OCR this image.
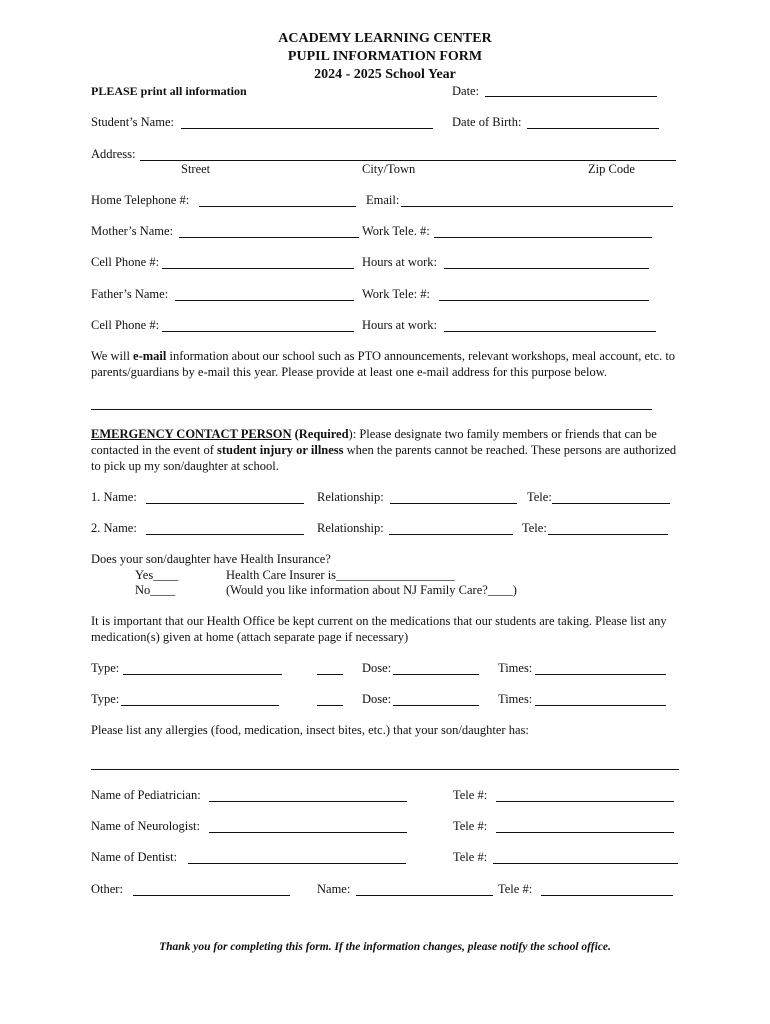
ACADEMY LEARNING CENTER
PUPIL INFORMATION FORM
2024 - 2025 School Year
PLEASE print all information	Date:
Student’s Name:	Date of Birth:
Address:
Street	City/Town	Zip Code
Home Telephone #:	Email:
Mother’s Name:	Work Tele. #:
Cell Phone #:	Hours at work:
Father’s Name:	Work Tele: #:
Cell Phone #:	Hours at work:
We will e-mail information about our school such as PTO announcements, relevant workshops, meal account, etc. to parents/guardians by e-mail this year. Please provide at least one e-mail address for this purpose below.
EMERGENCY CONTACT PERSON (Required): Please designate two family members or friends that can be contacted in the event of student injury or illness when the parents cannot be reached. These persons are authorized to pick up my son/daughter at school.
1. Name:	Relationship:	Tele:
2. Name:	Relationship:	Tele:
Does your son/daughter have Health Insurance?
Yes____	Health Care Insurer is___________________
No____	(Would you like information about NJ Family Care?____)
It is important that our Health Office be kept current on the medications that our students are taking. Please list any medication(s) given at home (attach separate page if necessary)
Type:	Dose:	Times:
Type:	Dose:	Times:
Please list any allergies (food, medication, insect bites, etc.) that your son/daughter has:
Name of Pediatrician:	Tele #:
Name of Neurologist:	Tele #:
Name of Dentist:	Tele #:
Other:	Name:	Tele #:
Thank you for completing this form. If the information changes, please notify the school office.
